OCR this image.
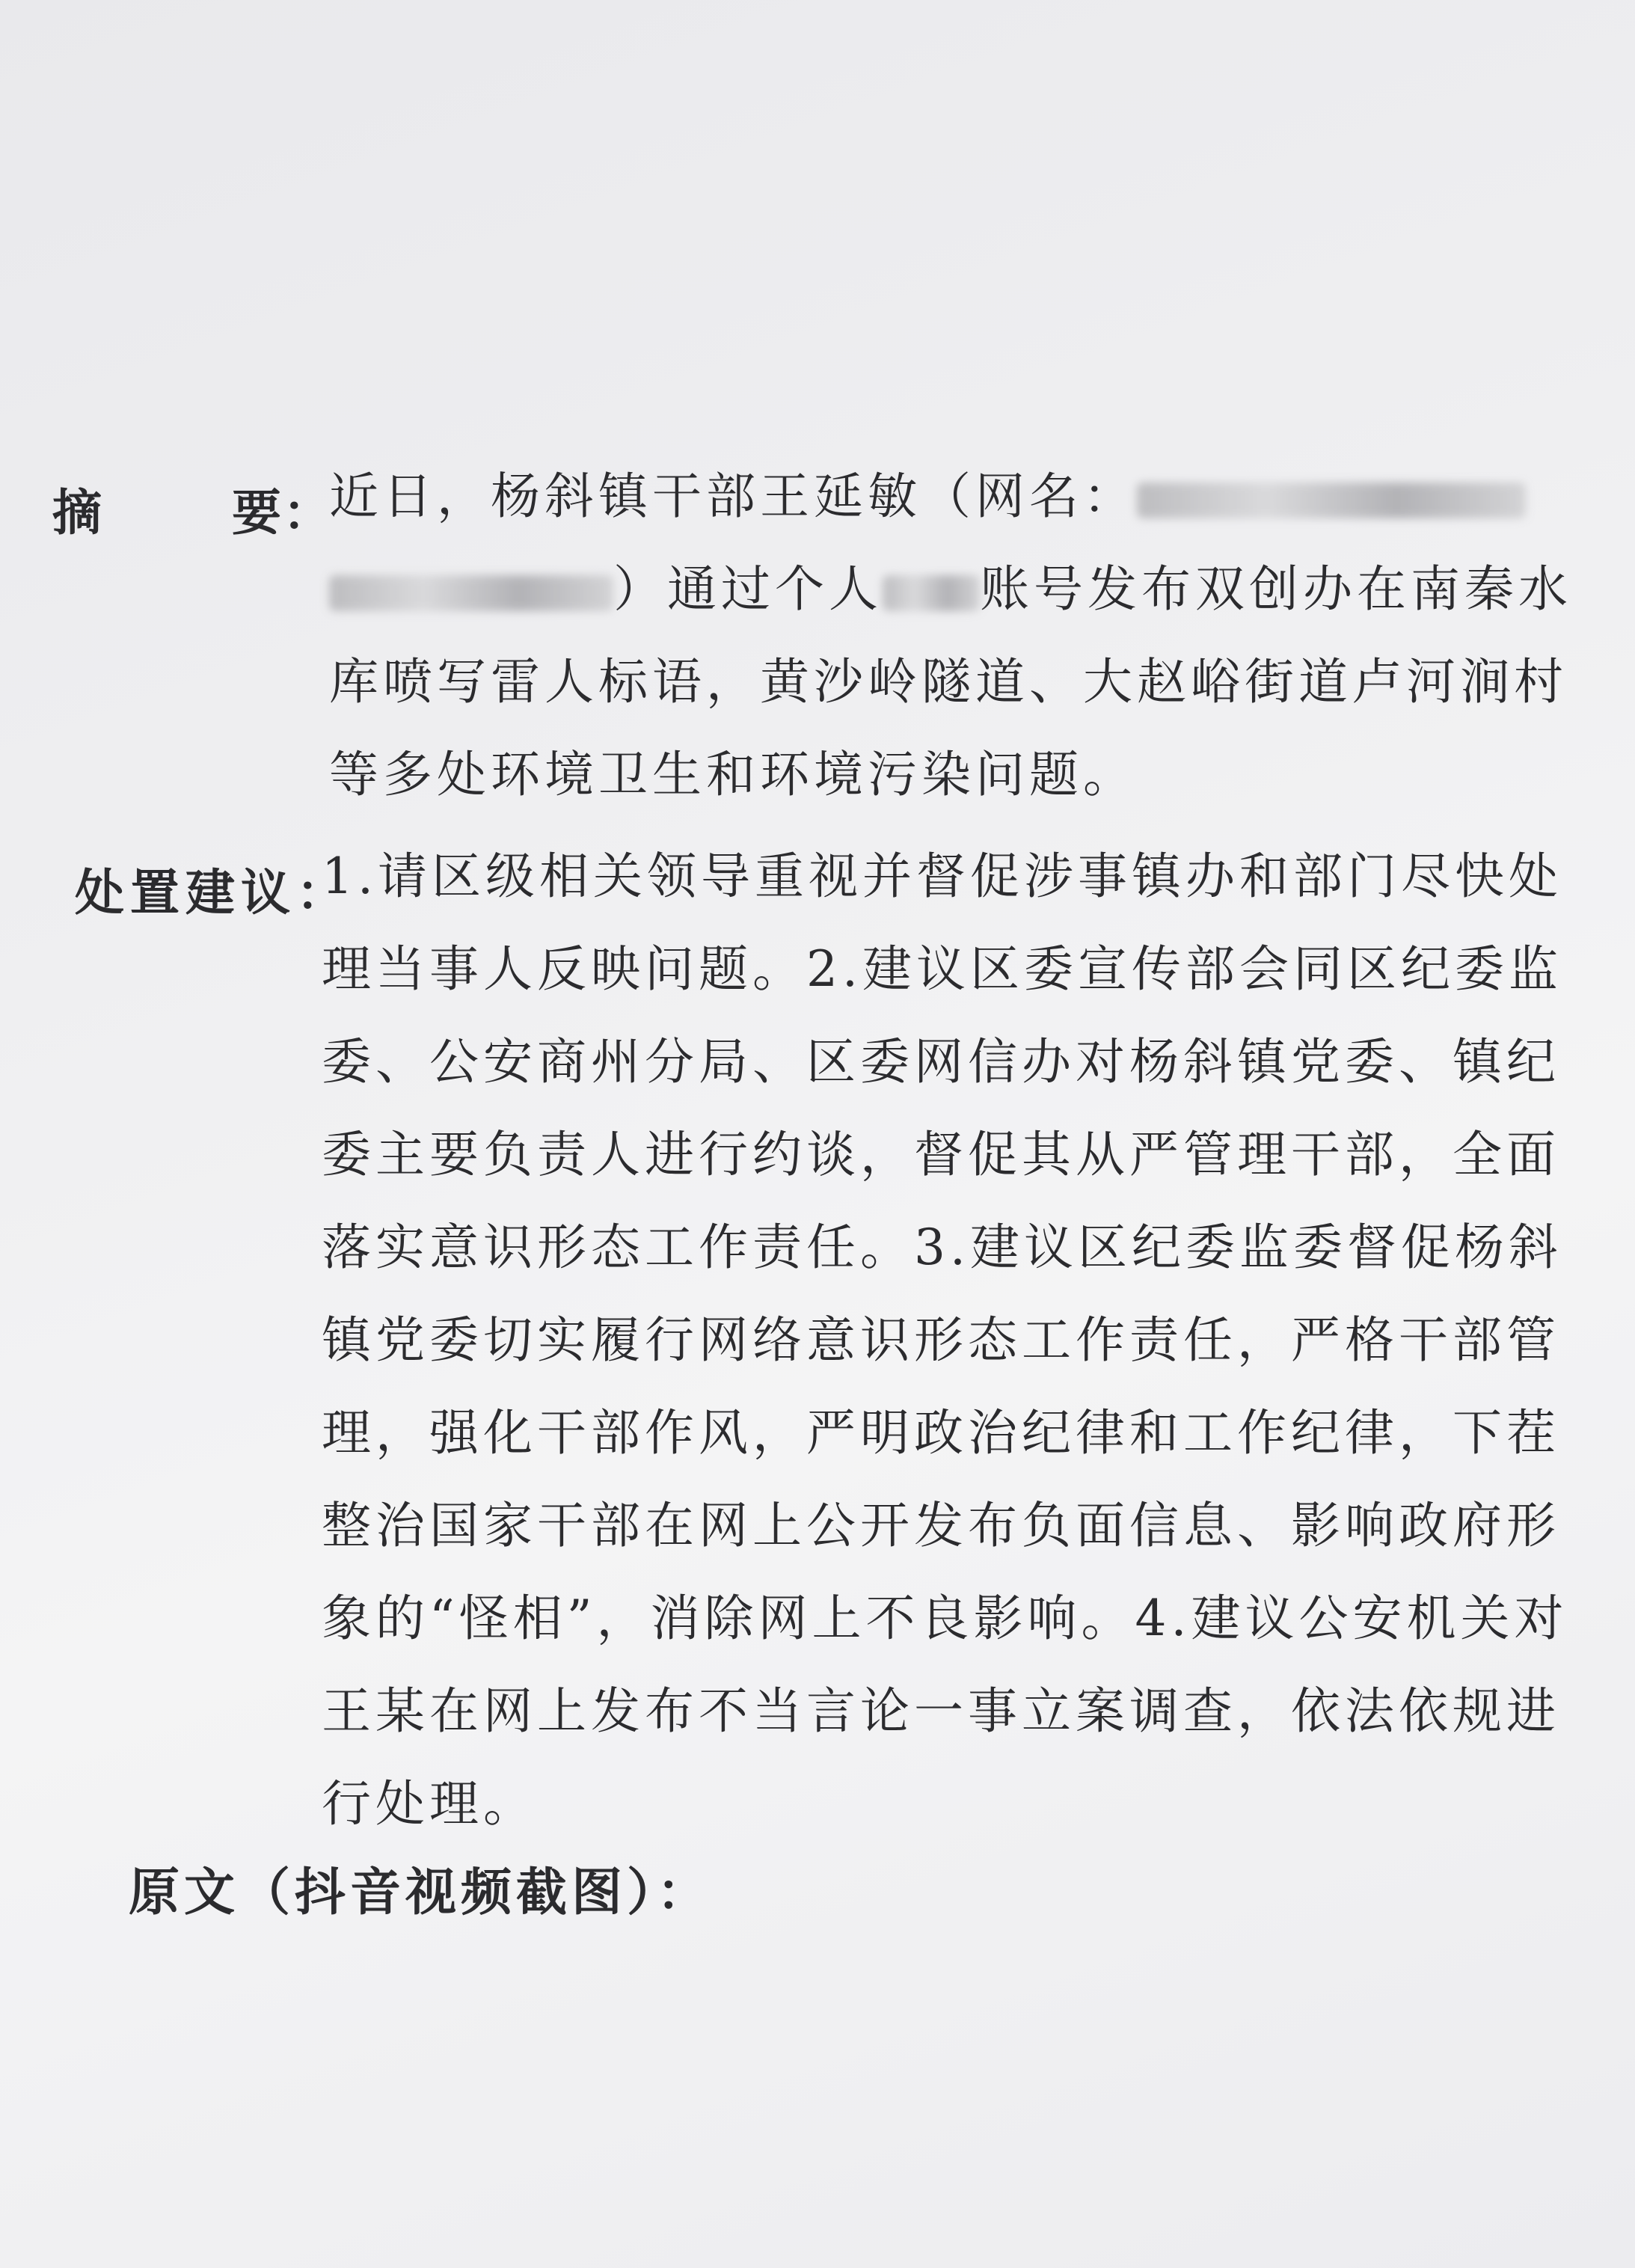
摘	要：
近日，杨斜镇干部王延敏（网名：）通过个人 账号发布双创办在南秦水库喷写雷人标语，黄沙岭隧道、大赵峪街道卢河涧村等多处环境卫生和环境污染问题。
处置建议：
1.请区级相关领导重视并督促涉事镇办和部门尽快处理当事人反映问题。2.建议区委宣传部会同区纪委监委、公安商州分局、区委网信办对杨斜镇党委、镇纪委主要负责人进行约谈，督促其从严管理干部，全面落实意识形态工作责任。3.建议区纪委监委督促杨斜镇党委切实履行网络意识形态工作责任，严格干部管理，强化干部作风，严明政治纪律和工作纪律，下茬整治国家干部在网上公开发布负面信息、影响政府形象的“怪相”，消除网上不良影响。4.建议公安机关对王某在网上发布不当言论一事立案调查，依法依规进行处理。
原文（抖音视频截图）：
